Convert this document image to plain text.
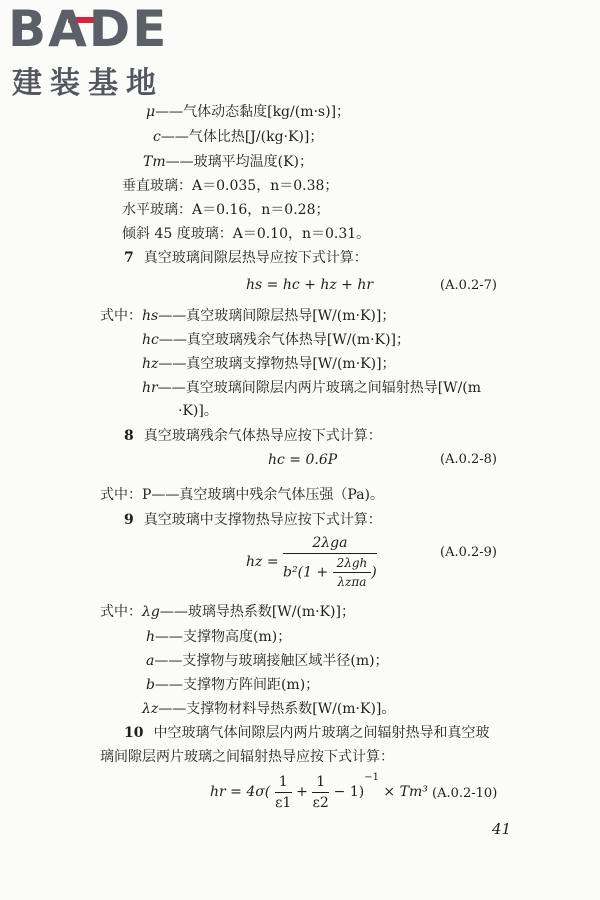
BADE
建装基地
μ——气体动态黏度[kg/(m·s)]；
c——气体比热[J/(kg·K)]；
Tm——玻璃平均温度(K)；
垂直玻璃：A＝0.035，n＝0.38；
水平玻璃：A＝0.16，n＝0.28；
倾斜 45 度玻璃：A＝0.10，n＝0.31。
7 真空玻璃间隙层热导应按下式计算：
hs = hc + hz + hr	(A.0.2-7)
式中：hs——真空玻璃间隙层热导[W/(m·K)]；
hc——真空玻璃残余气体热导[W/(m·K)]；
hz——真空玻璃支撑物热导[W/(m·K)]；
hr——真空玻璃间隙层内两片玻璃之间辐射热导[W/(m
·K)]。
8 真空玻璃残余气体热导应按下式计算：
hc = 0.6P	(A.0.2-8)
式中：P——真空玻璃中残余气体压强（Pa)。
9 真空玻璃中支撑物热导应按下式计算：
hz = $\frac{\text{2λga}}{b^2(1 + \frac{\text{2λgh}}{\text{λzπa}} )}$	(A.0.2-9)
式中：λg——玻璃导热系数[W/(m·K)]；
h——支撑物高度(m)；
a——支撑物与玻璃接触区域半径(m)；
b——支撑物方阵间距(m)；
λz——支撑物材料导热系数[W/(m·K)]。
10 中空玻璃气体间隙层内两片玻璃之间辐射热导和真空玻
璃间隙层两片玻璃之间辐射热导应按下式计算：
hr = $4\sigma( \frac{1}{\varepsilon 1} + \frac{1}{\varepsilon 2} - 1)^{-1} \times Tm^3$ (A.0.2-10)
41
